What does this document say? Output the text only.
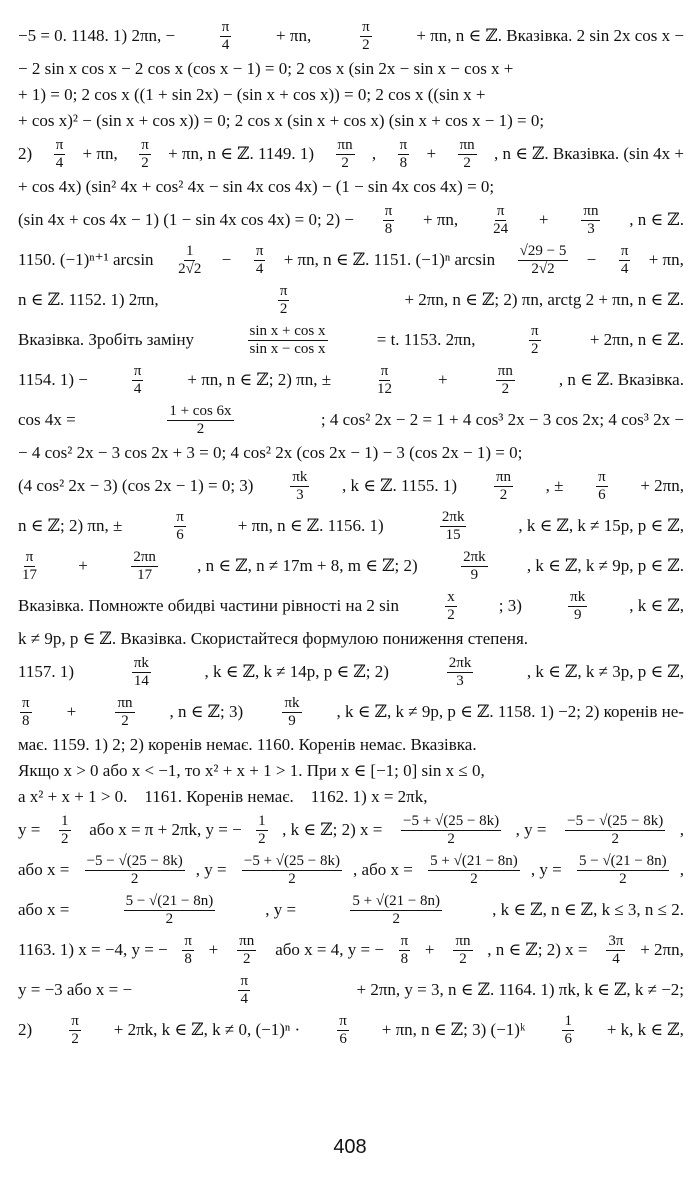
−5 = 0. 1148. 1) 2πn, −	$\frac{\pi}{4}$	+ πn,	$\frac{\pi}{2}$	+ πn, n ∈ ℤ. Вказівка. 2 sin 2x cos x −
− 2 sin x cos x − 2 cos x (cos x − 1) = 0; 2 cos x (sin 2x − sin x − cos x +
+ 1) = 0; 2 cos x ((1 + sin 2x) − (sin x + cos x)) = 0; 2 cos x ((sin x +
+ cos x)² − (sin x + cos x)) = 0; 2 cos x (sin x + cos x) (sin x + cos x − 1) = 0;
$2) \frac{\pi}{4} + \pi n$, $\frac{\pi}{2} + \pi n$, n ∈ ℤ. 1149. $1) \frac{\pi n}{2}$ , $\frac{\pi}{8} + \frac{\pi n}{2}$ , n ∈ ℤ. Вказівка. (sin 4x +
+ cos 4x) (sin² 4x + cos² 4x − sin 4x cos 4x) − (1 − sin 4x cos 4x) = 0;
(sin 4x + cos 4x − 1) (1 − sin 4x cos 4x) = 0; $2) - \frac{\pi}{8} + \pi n$, $\frac{\pi}{24} + \frac{\pi n}{3}$ , n ∈ ℤ.
1150. (−1)ⁿ⁺¹ $\arcsin \frac{1}{2√2} - \frac{\pi}{4} + \pi n$, n ∈ ℤ. 1151. (−1)ⁿ $\arcsin \frac{√29 - 5}{2√2} - \frac{\pi}{4} + \pi n$,
n ∈ ℤ. 1152. 1) 2πn,	$\frac{\pi}{2}$	+ 2πn, n ∈ ℤ; 2) πn, arctg 2 + πn, n ∈ ℤ.
Вказівка. Зробіть заміну	$\frac{\text{sin x + cos x}}{\text{sin x − cos x}}$	= t. 1153. 2πn,	$\frac{\pi}{2}$	+ 2πn, n ∈ ℤ.
1154. 1) −	$\frac{\pi}{4}$	+ πn, n ∈ ℤ; 2) πn, ±	$\frac{\pi}{12}$	+	$\frac{\pi n}{2}$	, n ∈ ℤ. Вказівка.
cos 4x =	$\frac{1 + \cos 6x}{2}$	; 4 cos² 2x − 2 = 1 + 4 cos³ 2x − 3 cos 2x; 4 cos³ 2x −
− 4 cos² 2x − 3 cos 2x + 3 = 0; 4 cos² 2x (cos 2x − 1) − 3 (cos 2x − 1) = 0;
(4 cos² 2x − 3) (cos 2x − 1) = 0; $3) \frac{\pi k}{3}$ , k ∈ ℤ. 1155. $1) \frac{\pi n}{2}$ , ± $\frac{\pi}{6} + 2\pi n$,
n ∈ ℤ; 2) πn, ±	$\frac{\pi}{6}$	+ πn, n ∈ ℤ. 1156. 1)	$\frac{2\pi k}{15}$	, k ∈ ℤ, k ≠ 15p, p ∈ ℤ,
$\frac{\pi}{17}$ +	$\frac{2\pi n}{17}$ , n ∈ ℤ, n ≠ 17m + 8, m ∈ ℤ; 2)	$\frac{2\pi k}{9}$ , k ∈ ℤ, k ≠ 9p, p ∈ ℤ.
Вказівка. Помножте обидві частини рівності на 2 sin	$\frac{x}{2}$ ; 3)	$\frac{\pi k}{9}$ , k ∈ ℤ,
k ≠ 9p, p ∈ ℤ. Вказівка. Скористайтеся формулою пониження степеня.
1157. 1)	$\frac{\pi k}{14}$	, k ∈ ℤ, k ≠ 14p, p ∈ ℤ; 2)	$\frac{2\pi k}{3}$	, k ∈ ℤ, k ≠ 3p, p ∈ ℤ,
$\frac{\pi}{8} + \frac{\pi n}{2}$ , n ∈ ℤ; $3) \frac{\pi k}{9}$ , k ∈ ℤ, k ≠ 9p, p ∈ ℤ. 1158. 1) −2; 2) коренів не-
має. 1159. 1) 2; 2) коренів немає. 1160. Коренів немає. Вказівка.
Якщо x > 0 або x < −1, то x² + x + 1 > 1. При x ∈ [−1; 0] sin x ≤ 0,
а x² + x + 1 > 0.    1161. Коренів немає.    1162. 1) x = 2πk,
$y = \frac{1}{2}$ або x = π + 2πk, y = − $\frac{1}{2}$ , k ∈ ℤ; 2) $x = \frac{-5 + √(25 - 8k)}{2}$ , $y = \frac{-5 - √(25 - 8k)}{2}$ ,
або $x = \frac{-5 - √(25 - 8k)}{2}$ , $y = \frac{-5 + √(25 - 8k)}{2}$ , або $x = \frac{5 + √(21 - 8n)}{2}$ , $y = \frac{5 - √(21 - 8n)}{2}$ ,
або x =	$\frac{5 - √(21 - 8n)}{2}$	, y =	$\frac{5 + √(21 - 8n)}{2}$	, k ∈ ℤ, n ∈ ℤ, k ≤ 3, n ≤ 2.
1163. 1) x = −4, y = − $\frac{\pi}{8} + \frac{\pi n}{2}$ або x = 4, y = − $\frac{\pi}{8} + \frac{\pi n}{2}$ , n ∈ ℤ; 2) $x = \frac{3\pi}{4} + 2\pi n$,
y = −3 або x = −	$\frac{\pi}{4}$	+ 2πn, y = 3, n ∈ ℤ. 1164. 1) πk, k ∈ ℤ, k ≠ −2;
$2) \frac{\pi}{2} + 2\pi k$, k ∈ ℤ, k ≠ 0, $(-1)^n \cdot \frac{\pi}{6} + \pi n$, n ∈ ℤ; 3) (−1)ᵏ $\frac{1}{6} + k$, k ∈ ℤ,
408
